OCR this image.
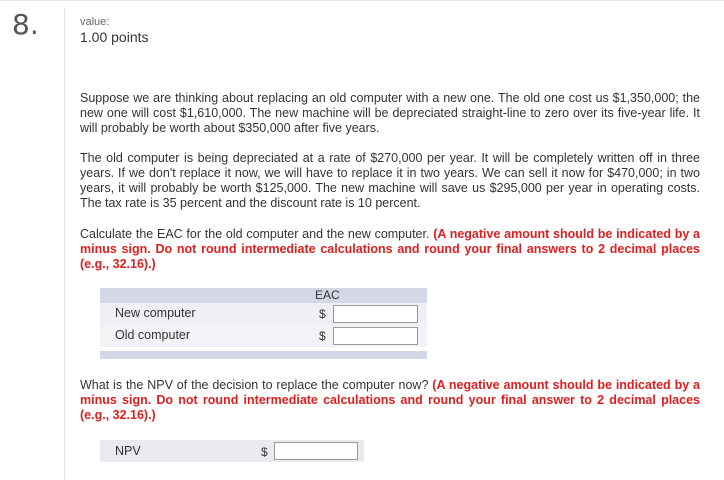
8.	value:
1.00 points

Suppose we are thinking about replacing an old computer with a new one. The old one cost us $1,350,000; the new one will cost $1,610,000. The new machine will be depreciated straight-line to zero over its five-year life. It will probably be worth about $350,000 after five years.

The old computer is being depreciated at a rate of $270,000 per year. It will be completely written off in three years. If we don't replace it now, we will have to replace it in two years. We can sell it now for $470,000; in two years, it will probably be worth $125,000. The new machine will save us $295,000 per year in operating costs. The tax rate is 35 percent and the discount rate is 10 percent.

Calculate the EAC for the old computer and the new computer. (A negative amount should be indicated by a minus sign. Do not round intermediate calculations and round your final answers to 2 decimal places (e.g., 32.16).)

EAC
New computer	$
Old computer	$

What is the NPV of the decision to replace the computer now? (A negative amount should be indicated by a minus sign. Do not round intermediate calculations and round your final answer to 2 decimal places (e.g., 32.16).)

NPV	$
